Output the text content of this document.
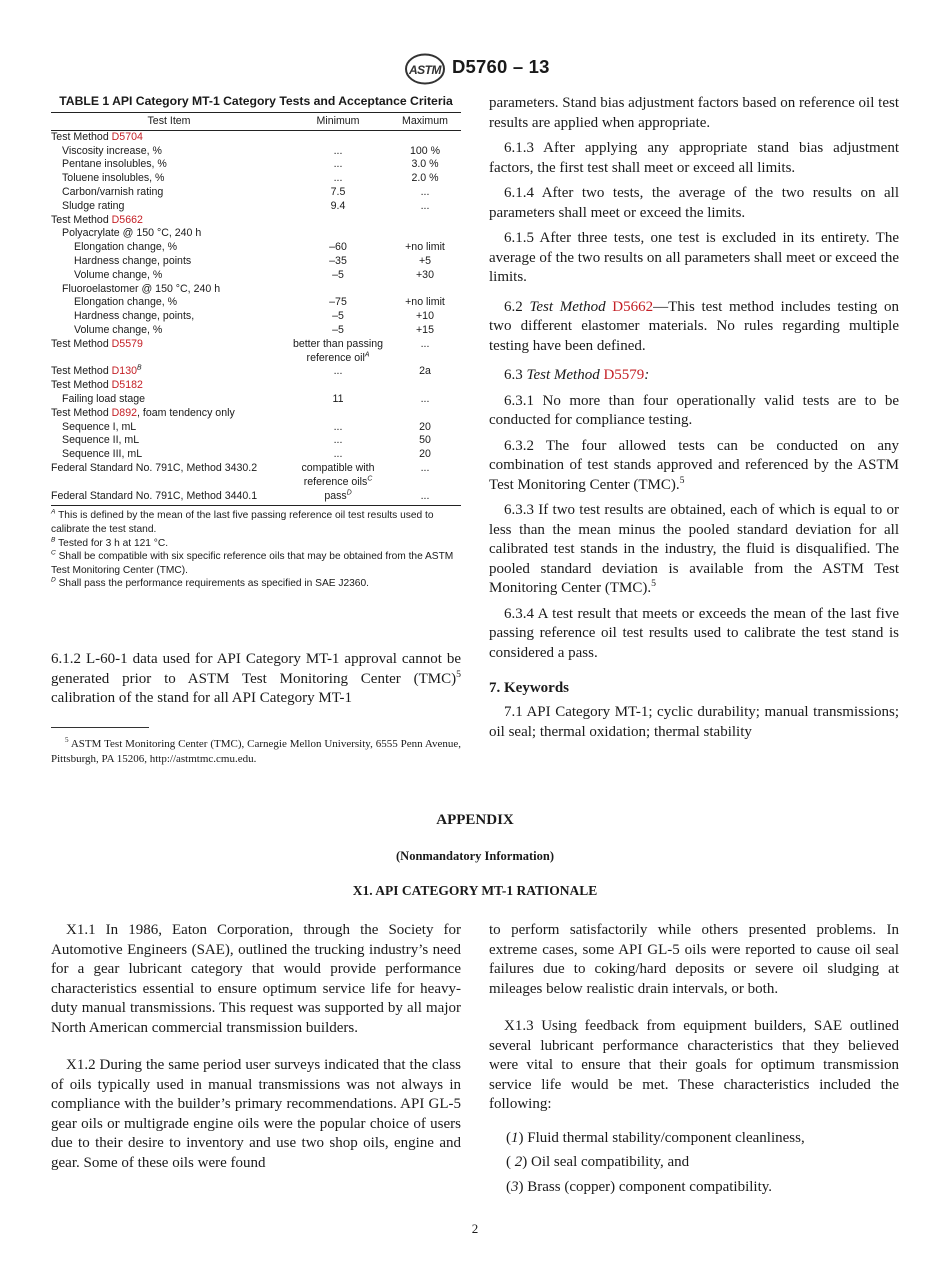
ASTM D5760 – 13
TABLE 1 API Category MT-1 Category Tests and Acceptance Criteria
Test Item	Minimum	Maximum
Test Method D5704		
Viscosity increase, %	...	100 %
Pentane insolubles, %	...	3.0 %
Toluene insolubles, %	...	2.0 %
Carbon/varnish rating	7.5	...
Sludge rating	9.4	...
Test Method D5662		
Polyacrylate @ 150 °C, 240 h		
Elongation change, %	–60	+no limit
Hardness change, points	–35	+5
Volume change, %	–5	+30
Fluoroelastomer @ 150 °C, 240 h		
Elongation change, %	–75	+no limit
Hardness change, points,	–5	+10
Volume change, %	–5	+15
Test Method D5579	better than passing reference oil$^A$	...
Test Method $D130^B$	...	2a
Test Method D5182		
Failing load stage	11	...
Test Method D892, foam tendency only		
Sequence I, mL	...	20
Sequence II, mL	...	50
Sequence III, mL	...	20
Federal Standard No. 791C, Method 3430.2	compatible with reference oils$^C$	...
Federal Standard No. 791C, Method 3440.1	pass$^D$	...

$^A$ This is defined by the mean of the last five passing reference oil test results used to calibrate the test stand.

$^B$ Tested for 3 h at 121 °C.

$^C$ Shall be compatible with six specific reference oils that may be obtained from the ASTM Test Monitoring Center (TMC).

$^D$ Shall pass the performance requirements as specified in SAE J2360.

6.1.2 L-60-1 data used for API Category MT-1 approval cannot be generated prior to ASTM Test Monitoring Center (TMC)$^5$ calibration of the stand for all API Category MT-1

$^5$ ASTM Test Monitoring Center (TMC), Carnegie Mellon University, 6555 Penn Avenue, Pittsburgh, PA 15206, http://astmtmc.cmu.edu.

parameters. Stand bias adjustment factors based on reference oil test results are applied when appropriate.

6.1.3 After applying any appropriate stand bias adjustment factors, the first test shall meet or exceed all limits.

6.1.4 After two tests, the average of the two results on all parameters shall meet or exceed the limits.

6.1.5 After three tests, one test is excluded in its entirety. The average of the two results on all parameters shall meet or exceed the limits.

6.2 Test Method D5662—This test method includes testing on two different elastomer materials. No rules regarding multiple testing have been defined.

6.3 Test Method D5579:

6.3.1 No more than four operationally valid tests are to be conducted for compliance testing.

6.3.2 The four allowed tests can be conducted on any combination of test stands approved and referenced by the ASTM Test Monitoring Center (TMC).$^5$

6.3.3 If two test results are obtained, each of which is equal to or less than the mean minus the pooled standard deviation for all calibrated test stands in the industry, the fluid is disqualified. The pooled standard deviation is available from the ASTM Test Monitoring Center (TMC).$^5$

6.3.4 A test result that meets or exceeds the mean of the last five passing reference oil test results used to calibrate the test stand is considered a pass.

7. Keywords

7.1 API Category MT-1; cyclic durability; manual transmissions; oil seal; thermal oxidation; thermal stability

APPENDIX
(Nonmandatory Information)
X1. API CATEGORY MT-1 RATIONALE

X1.1 In 1986, Eaton Corporation, through the Society for Automotive Engineers (SAE), outlined the trucking industry’s need for a gear lubricant category that would provide performance characteristics essential to ensure optimum service life for heavy-duty manual transmissions. This request was supported by all major North American commercial transmission builders.

X1.2 During the same period user surveys indicated that the class of oils typically used in manual transmissions was not always in compliance with the builder’s primary recommendations. API GL-5 gear oils or multigrade engine oils were the popular choice of users due to their desire to inventory and use two shop oils, engine and gear. Some of these oils were found

to perform satisfactorily while others presented problems. In extreme cases, some API GL-5 oils were reported to cause oil seal failures due to coking/hard deposits or severe oil sludging at mileages below realistic drain intervals, or both.

X1.3 Using feedback from equipment builders, SAE outlined several lubricant performance characteristics that they believed were vital to ensure that their goals for optimum transmission service life would be met. These characteristics included the following:

(1) Fluid thermal stability/component cleanliness,

( 2) Oil seal compatibility, and

(3) Brass (copper) component compatibility.

2
